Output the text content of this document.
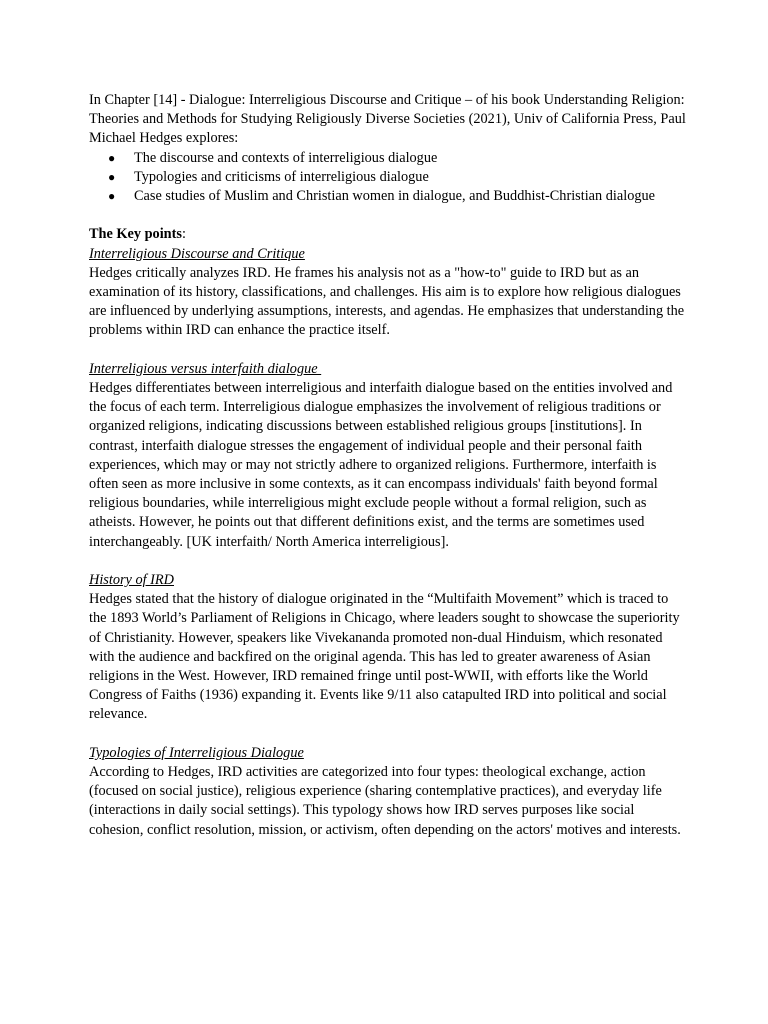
In Chapter [14] - Dialogue: Interreligious Discourse and Critique – of his book Understanding Religion: Theories and Methods for Studying Religiously Diverse Societies (2021), Univ of California Press, Paul Michael Hedges explores:

● The discourse and contexts of interreligious dialogue
● Typologies and criticisms of interreligious dialogue
● Case studies of Muslim and Christian women in dialogue, and Buddhist-Christian dialogue

The Key points:

Interreligious Discourse and Critique

Hedges critically analyzes IRD. He frames his analysis not as a "how-to" guide to IRD but as an examination of its history, classifications, and challenges. His aim is to explore how religious dialogues are influenced by underlying assumptions, interests, and agendas. He emphasizes that understanding the problems within IRD can enhance the practice itself.

Interreligious versus interfaith dialogue

Hedges differentiates between interreligious and interfaith dialogue based on the entities involved and the focus of each term. Interreligious dialogue emphasizes the involvement of religious traditions or organized religions, indicating discussions between established religious groups [institutions]. In contrast, interfaith dialogue stresses the engagement of individual people and their personal faith experiences, which may or may not strictly adhere to organized religions. Furthermore, interfaith is often seen as more inclusive in some contexts, as it can encompass individuals' faith beyond formal religious boundaries, while interreligious might exclude people without a formal religion, such as atheists. However, he points out that different definitions exist, and the terms are sometimes used interchangeably. [UK interfaith/ North America interreligious].

History of IRD

Hedges stated that the history of dialogue originated in the “Multifaith Movement” which is traced to the 1893 World’s Parliament of Religions in Chicago, where leaders sought to showcase the superiority of Christianity. However, speakers like Vivekananda promoted non-dual Hinduism, which resonated with the audience and backfired on the original agenda. This has led to greater awareness of Asian religions in the West. However, IRD remained fringe until post-WWII, with efforts like the World Congress of Faiths (1936) expanding it. Events like 9/11 also catapulted IRD into political and social relevance.

Typologies of Interreligious Dialogue

According to Hedges, IRD activities are categorized into four types: theological exchange, action (focused on social justice), religious experience (sharing contemplative practices), and everyday life (interactions in daily social settings). This typology shows how IRD serves purposes like social cohesion, conflict resolution, mission, or activism, often depending on the actors' motives and interests.
